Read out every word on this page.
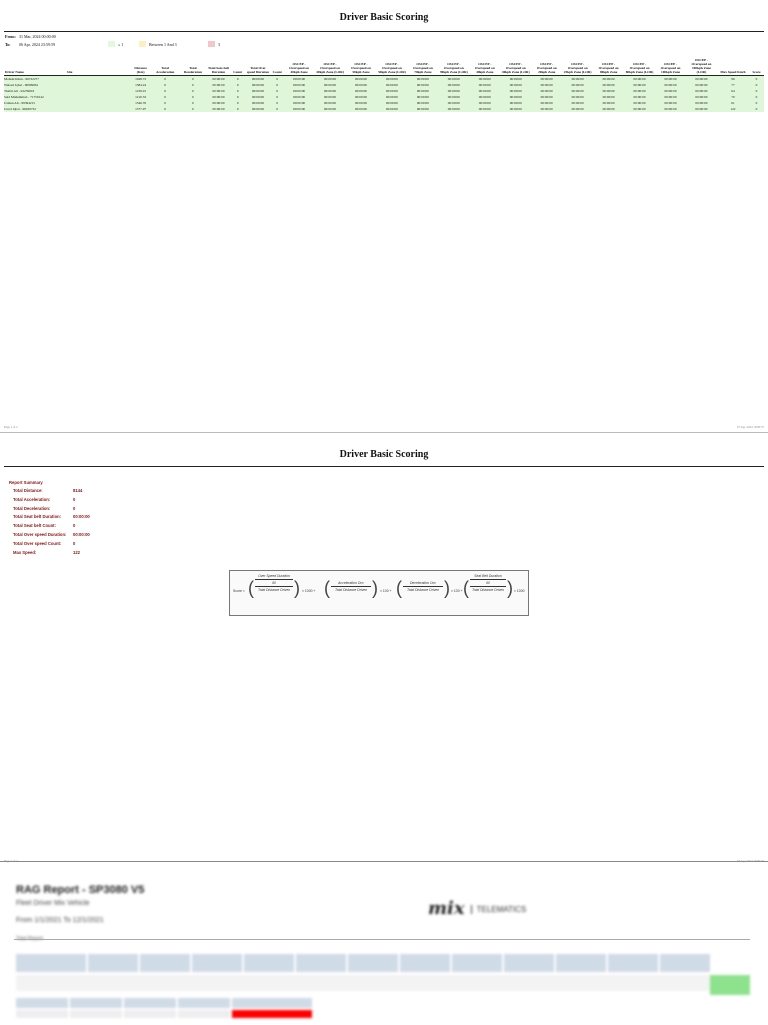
Driver Basic Scoring
From: 31 Mar, 2024 00:00:00
To: 06 Apr, 2024 23:59:59	≤ 1	Between 1 And 3	3
Driver Name	Site	Distance (Km)	Total Acceleration	Total Deceleration	Total Seat-belt Duration	Count	Total Over speed Duration	Count	OSCEP - Overspeed on 40kph Zone	OSCEP - Overspeed on 40kph Zone (LOR)	OSCEP - Overspeed on 50kph Zone	OSCEP - Overspeed on 50kph Zone (LOR)	OSCEP - Overspeed on 70kph Zone	OSCEP - Overspeed on 90kph Zone (LOR)	OSCEP - Overspeed on 40kph Zone	OSCEP - Overspeed on 40kph Zone (LOR)	OSCEP - Overspeed on 20kph Zone	OSCEP - Overspeed on 25kph Zone (LOR)	OSCEP - Overspeed on 80kph Zone	OSCEP - Overspeed on 80kph Zone (LOR)	OSCEP - Overspeed on 100kph Zone	OSCEP - Overspeed on 100kph Zone (LOR)	Max Speed Km/h	Score
Mohsin Khan - 96722277		1948.72	0	0	00:00:00	0	00:00:00	0	00:00:00	00:00:00	00:00:00	00:00:00	00:00:00	00:00:00	00:00:00	00:00:00	00:00:00	00:00:00	00:00:00	00:00:00	00:00:00	00:00:00	96	0
Waleed Iqbal - 90099661		1384.24	0	0	00:00:00	0	00:00:00	0	00:00:00	00:00:00	00:00:00	00:00:00	00:00:00	00:00:00	00:00:00	00:00:00	00:00:00	00:00:00	00:00:00	00:00:00	00:00:00	00:00:00	77	0
Thabit Ali - 92239916		1239.01	0	0	00:00:00	0	00:00:00	0	00:00:00	00:00:00	00:00:00	00:00:00	00:00:00	00:00:00	00:00:00	00:00:00	00:00:00	00:00:00	00:00:00	00:00:00	00:00:00	00:00:00	64	0
Said Muhammad - 71759142		1210.33	0	0	00:00:00	0	00:00:00	0	00:00:00	00:00:00	00:00:00	00:00:00	00:00:00	00:00:00	00:00:00	00:00:00	00:00:00	00:00:00	00:00:00	00:00:00	00:00:00	00:00:00	70	0
Usman Ali - 99394215		1346.76	0	0	00:00:00	0	00:00:00	0	00:00:00	00:00:00	00:00:00	00:00:00	00:00:00	00:00:00	00:00:00	00:00:00	00:00:00	00:00:00	00:00:00	00:00:00	00:00:00	00:00:00	61	0
Javed Iqbal - 96929732		1377.97	0	0	00:00:00	0	00:00:00	0	00:00:00	00:00:00	00:00:00	00:00:00	00:00:00	00:00:00	00:00:00	00:00:00	00:00:00	00:00:00	00:00:00	00:00:00	00:00:00	00:00:00	122	0
Page 1 of 2	07 Apr, 2024 10:00:37
Driver Basic Scoring
Report Summary
Total Distance:	8144
Total Acceleration:	0
Total Deceleration:	0
Total Seat belt Duration:	00:00:00
Total Seat belt Count:	0
Total Over speed Duration:	00:00:00
Total Over speed Count:	0
Max Speed:	122
Score = (
Over Speed Duration
60
Total Distance Driven ) × 1000 + ( Acceleration Occ
Total Distance Driven ) × 100 + ( Deceleration Occ
Total Distance Driven ) × 100 + (
Seat Belt Duration
60
Total Distance Driven ) × 1000
Page 2 of 2	07 Apr, 2024 10:00:37
RAG Report - SP3080 V5
Fleet Driver Mix Vehicle
From 1/1/2021 To 12/1/2021
Total Report
mix TELEMATICS
